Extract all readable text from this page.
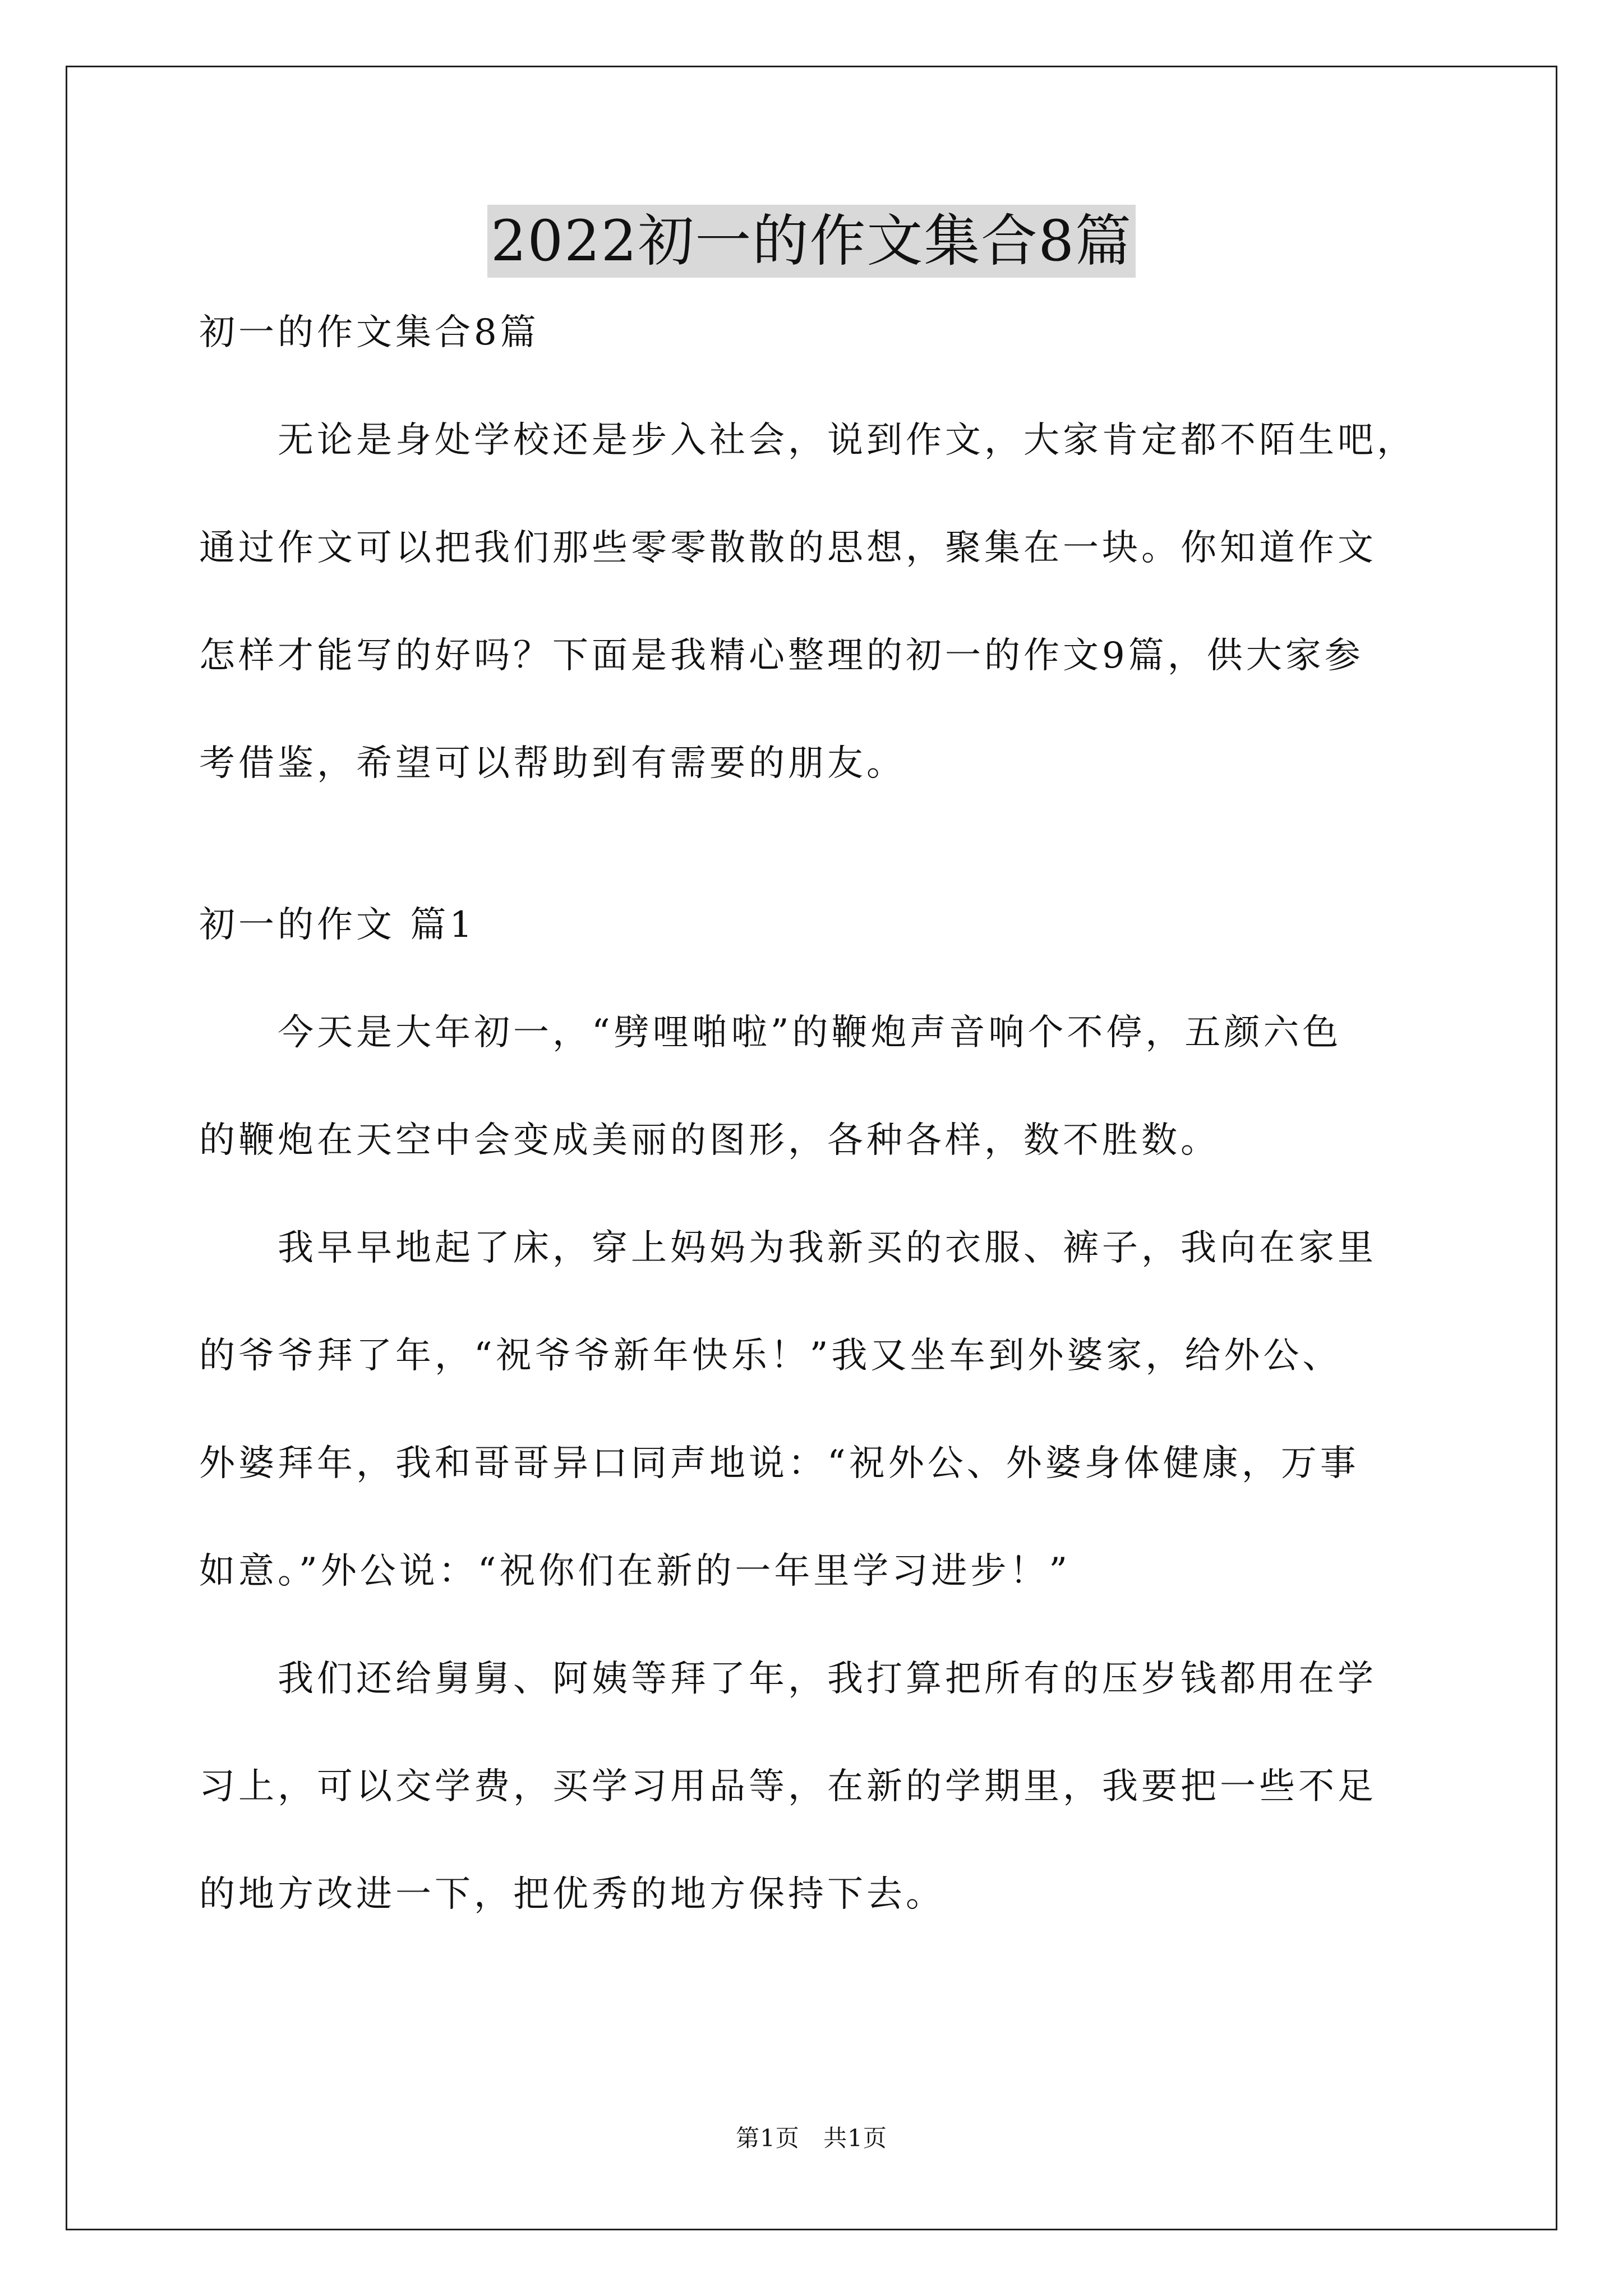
2022初一的作文集合8篇
初一的作文集合8篇
无论是身处学校还是步入社会，说到作文，大家肯定都不陌生吧，
通过作文可以把我们那些零零散散的思想，聚集在一块。你知道作文
怎样才能写的好吗？下面是我精心整理的初一的作文9篇，供大家参
考借鉴，希望可以帮助到有需要的朋友。
初一的作文 篇1
今天是大年初一，“劈哩啪啦”的鞭炮声音响个不停，五颜六色
的鞭炮在天空中会变成美丽的图形，各种各样，数不胜数。
我早早地起了床，穿上妈妈为我新买的衣服、裤子，我向在家里
的爷爷拜了年，“祝爷爷新年快乐！”我又坐车到外婆家，给外公、
外婆拜年，我和哥哥异口同声地说：“祝外公、外婆身体健康，万事
如意。”外公说：“祝你们在新的一年里学习进步！”
我们还给舅舅、阿姨等拜了年，我打算把所有的压岁钱都用在学
习上，可以交学费，买学习用品等，在新的学期里，我要把一些不足
的地方改进一下，把优秀的地方保持下去。
第1页 共1页
